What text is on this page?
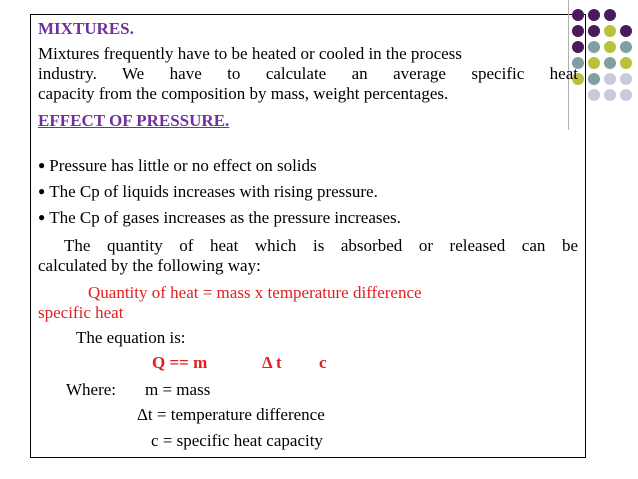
MIXTURES.
Mixtures frequently have to be heated or cooled in the process
industry. We have to calculate an average specific heat
capacity from the composition by mass, weight percentages.
EFFECT OF PRESSURE.
● Pressure has little or no effect on solids
● The Cp of liquids increases with rising pressure.
● The Cp of gases increases as the pressure increases.
The quantity of heat which is absorbed or released can be
calculated by the following way:
Quantity of heat = mass x temperature difference
specific heat
The equation is:
Q == m	Δ t c
Where: m = mass
Δt = temperature difference
c = specific heat capacity
